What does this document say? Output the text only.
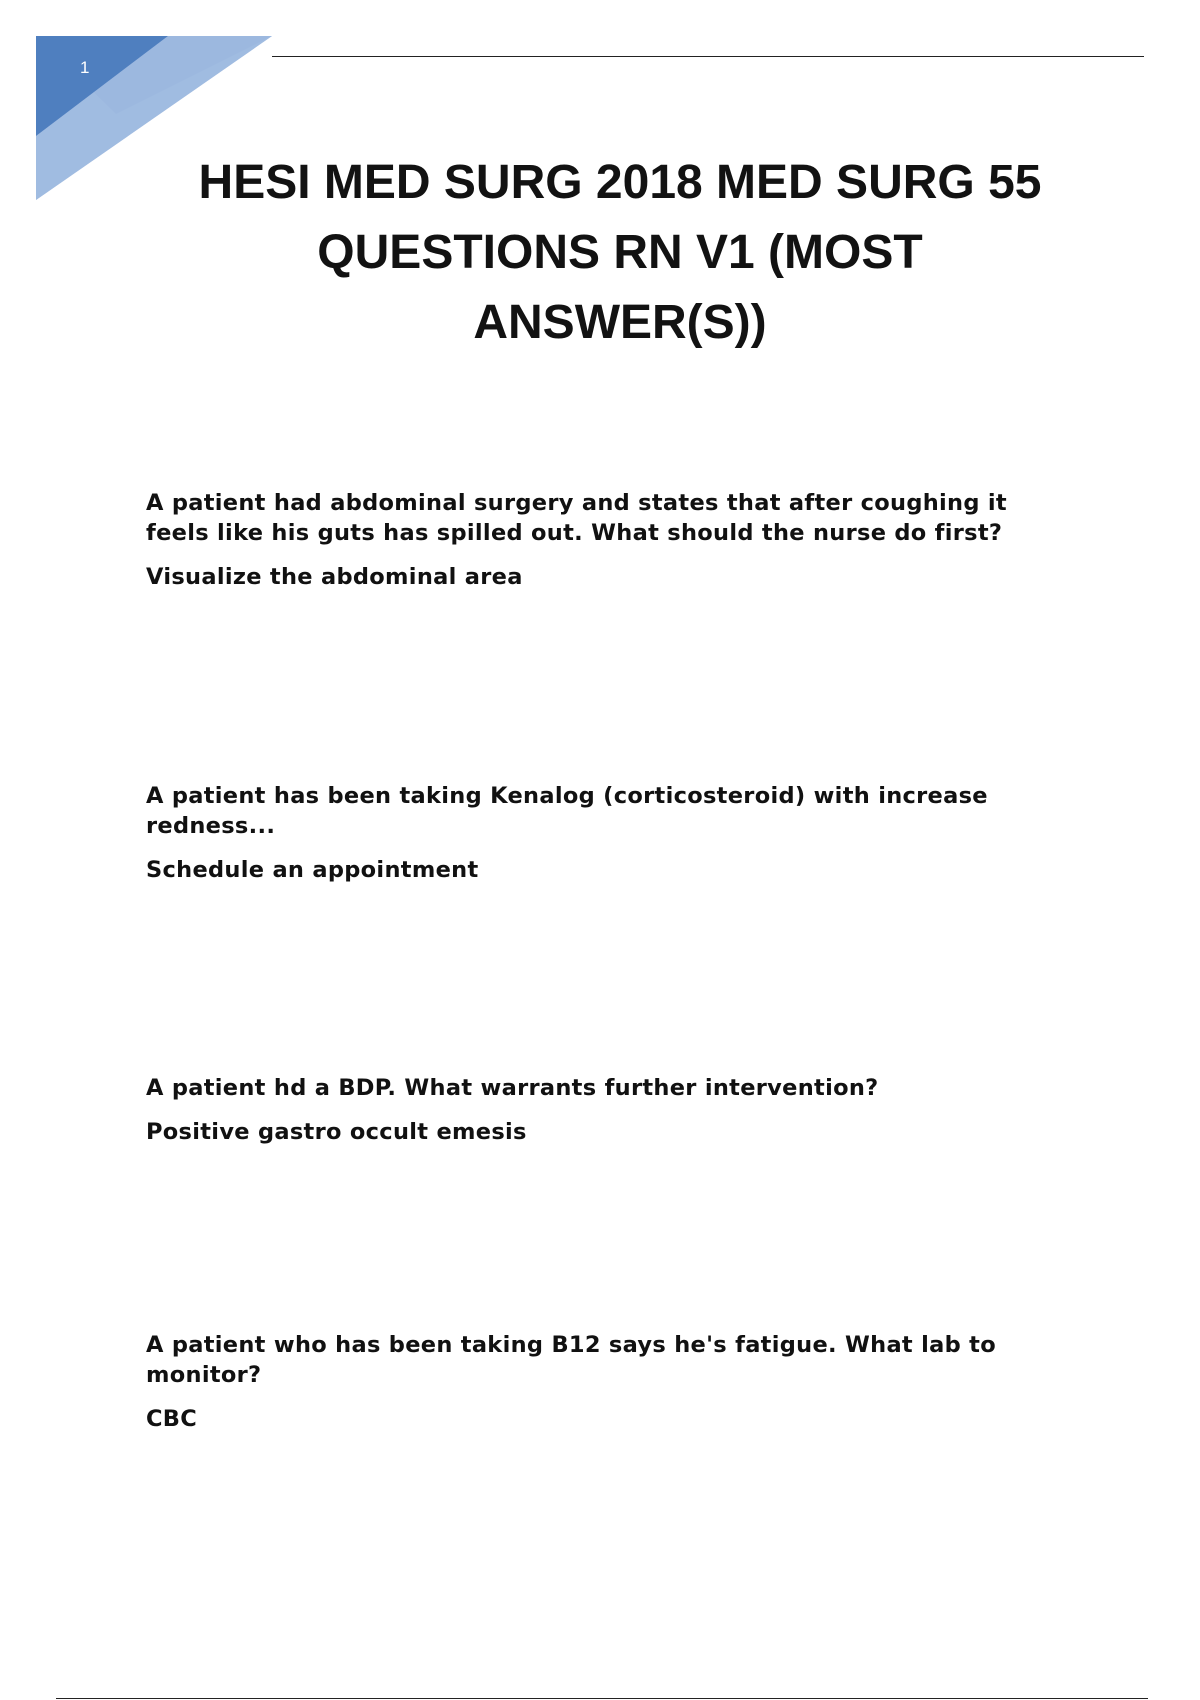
1
HESI MED SURG 2018 MED SURG 55 QUESTIONS RN V1 (MOST ANSWER(S))

A patient had abdominal surgery and states that after coughing it feels like his guts has spilled out. What should the nurse do first?

Visualize the abdominal area

A patient has been taking Kenalog (corticosteroid) with increase redness...

Schedule an appointment

A patient hd a BDP. What warrants further intervention?

Positive gastro occult emesis

A patient who has been taking B12 says he's fatigue. What lab to monitor?

CBC
